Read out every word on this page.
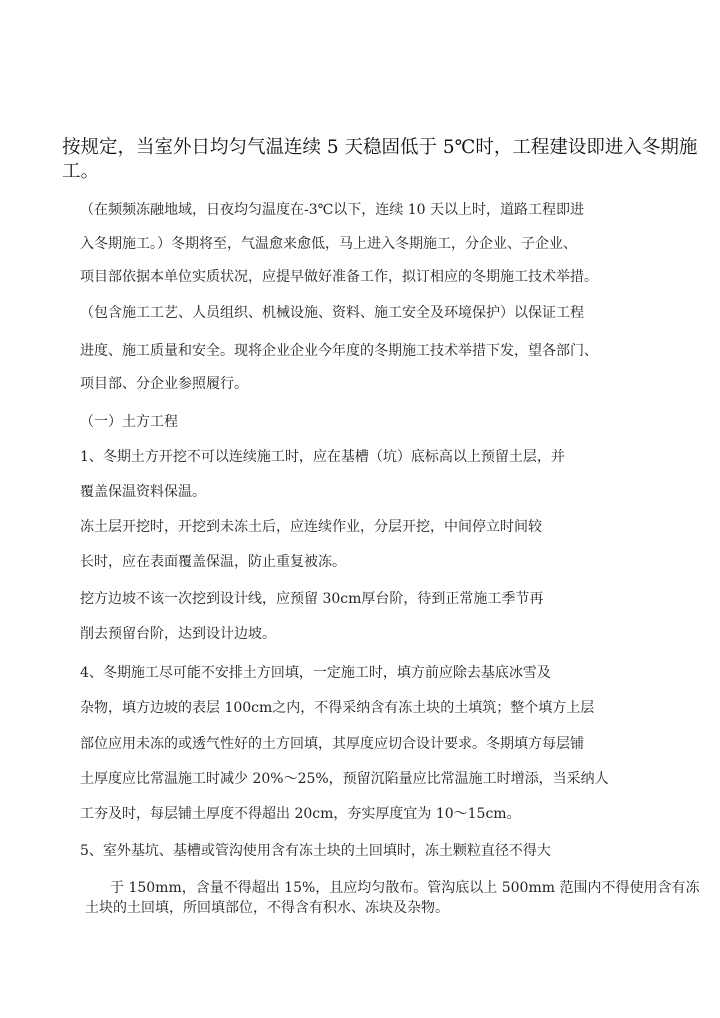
按规定，当室外日均匀气温连续 5 天稳固低于 5℃时，工程建设即进入冬期施
工。
（在频频冻融地域，日夜均匀温度在-3℃以下，连续 10 天以上时，道路工程即进
入冬期施工。）冬期将至，气温愈来愈低，马上进入冬期施工，分企业、子企业、
项目部依据本单位实质状况，应提早做好准备工作，拟订相应的冬期施工技术举措。
（包含施工工艺、人员组织、机械设施、资料、施工安全及环境保护）以保证工程
进度、施工质量和安全。现将企业企业今年度的冬期施工技术举措下发，望各部门、
项目部、分企业参照履行。
（一）土方工程
1、冬期土方开挖不可以连续施工时，应在基槽（坑）底标高以上预留土层，并
覆盖保温资料保温。
冻土层开挖时，开挖到未冻土后，应连续作业，分层开挖，中间停立时间较
长时，应在表面覆盖保温，防止重复被冻。
挖方边坡不该一次挖到设计线，应预留 30cm厚台阶，待到正常施工季节再
削去预留台阶，达到设计边坡。
4、冬期施工尽可能不安排土方回填，一定施工时，填方前应除去基底冰雪及
杂物，填方边坡的表层 100cm之内，不得采纳含有冻土块的土填筑；整个填方上层
部位应用未冻的或透气性好的土方回填，其厚度应切合设计要求。冬期填方每层铺
土厚度应比常温施工时减少 20%～25%，预留沉陷量应比常温施工时增添，当采纳人
工夯及时，每层铺土厚度不得超出 20cm，夯实厚度宜为 10～15cm。
5、室外基坑、基槽或管沟使用含有冻土块的土回填时，冻土颗粒直径不得大
于 150mm，含量不得超出 15%，且应均匀散布。管沟底以上 500mm 范围内不得使用含有冻
土块的土回填，所回填部位，不得含有积水、冻块及杂物。
